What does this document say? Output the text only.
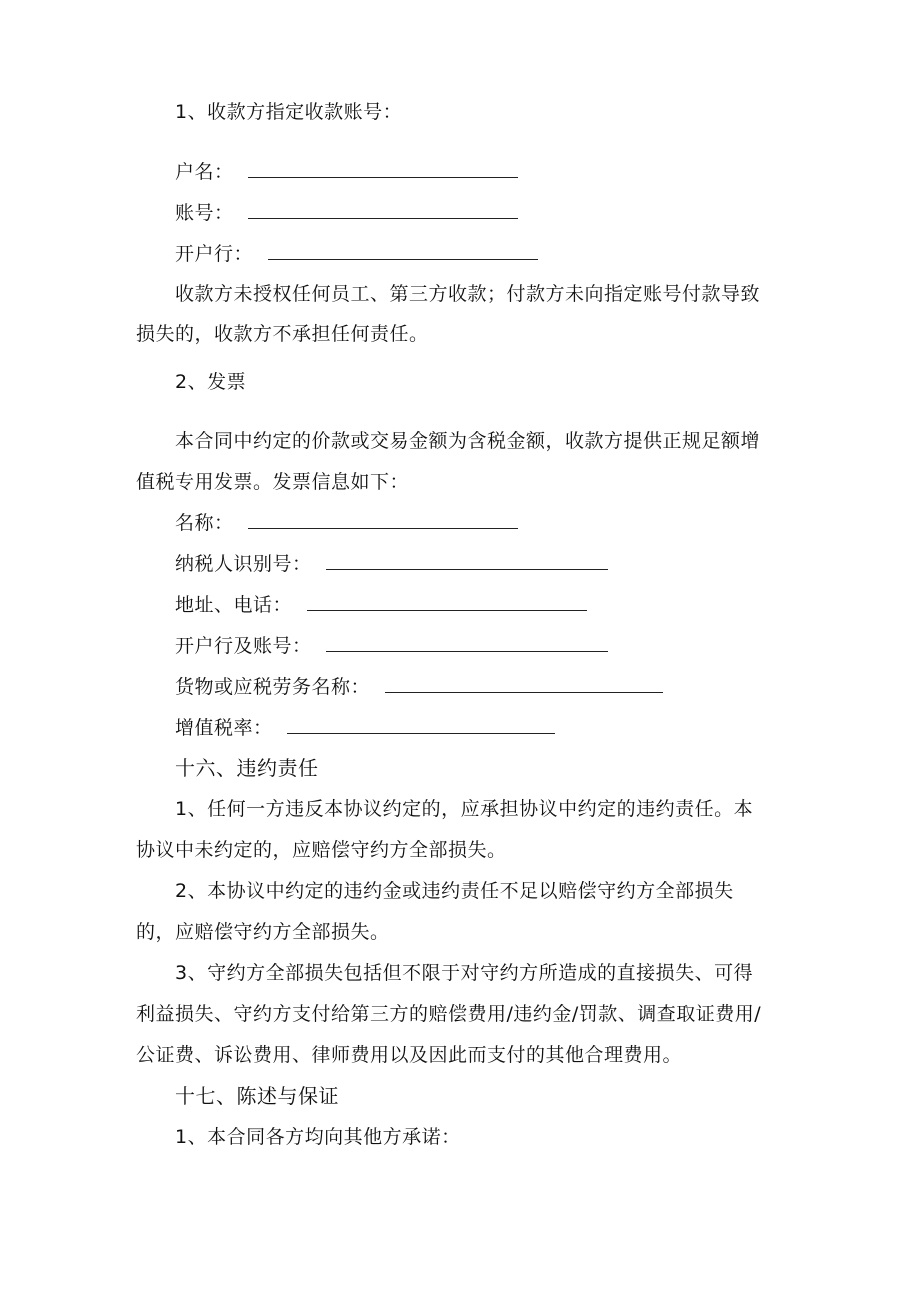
1、收款方指定收款账号：
户名：
账号：
开户行：
收款方未授权任何员工、第三方收款；付款方未向指定账号付款导致
损失的，收款方不承担任何责任。
2、发票
本合同中约定的价款或交易金额为含税金额，收款方提供正规足额增
值税专用发票。发票信息如下：
名称：
纳税人识别号：
地址、电话：
开户行及账号：
货物或应税劳务名称：
增值税率：
十六、违约责任
1、任何一方违反本协议约定的，应承担协议中约定的违约责任。本
协议中未约定的，应赔偿守约方全部损失。
2、本协议中约定的违约金或违约责任不足以赔偿守约方全部损失
的，应赔偿守约方全部损失。
3、守约方全部损失包括但不限于对守约方所造成的直接损失、可得
利益损失、守约方支付给第三方的赔偿费用/违约金/罚款、调查取证费用/
公证费、诉讼费用、律师费用以及因此而支付的其他合理费用。
十七、陈述与保证
1、本合同各方均向其他方承诺：
